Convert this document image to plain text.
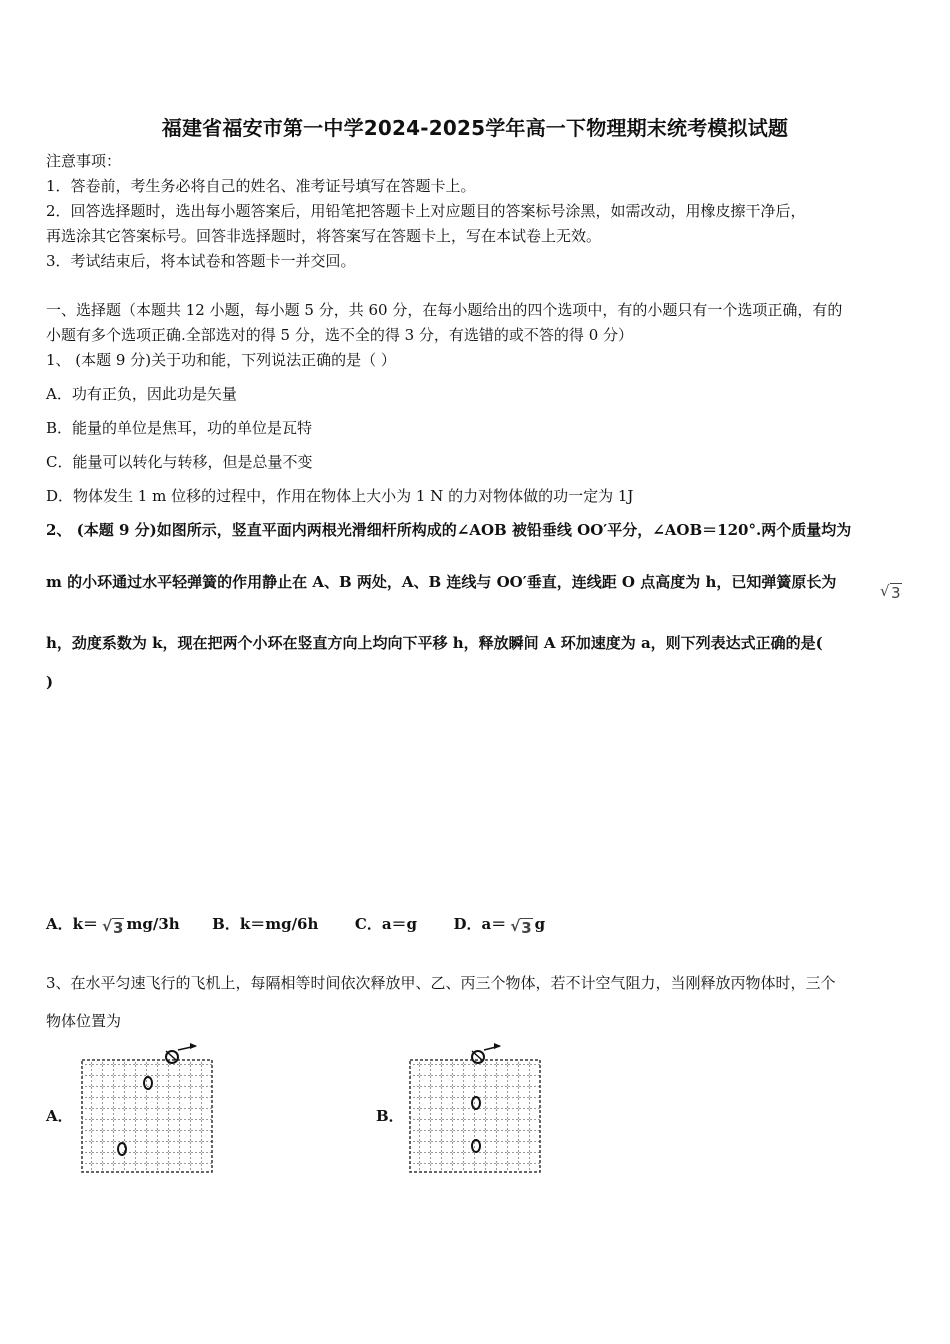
福建省福安市第一中学2024-2025学年高一下物理期末统考模拟试题
注意事项：
1．答卷前，考生务必将自己的姓名、准考证号填写在答题卡上。
2．回答选择题时，选出每小题答案后，用铅笔把答题卡上对应题目的答案标号涂黑，如需改动，用橡皮擦干净后，
再选涂其它答案标号。回答非选择题时，将答案写在答题卡上，写在本试卷上无效。
3．考试结束后，将本试卷和答题卡一并交回。
一、选择题（本题共 12 小题，每小题 5 分，共 60 分，在每小题给出的四个选项中，有的小题只有一个选项正确，有的
小题有多个选项正确.全部选对的得 5 分，选不全的得 3 分，有选错的或不答的得 0 分）
1、 (本题 9 分)关于功和能，下列说法正确的是（ ）
A．功有正负，因此功是矢量
B．能量的单位是焦耳，功的单位是瓦特
C．能量可以转化与转移，但是总量不变
D．物体发生 1 m 位移的过程中，作用在物体上大小为 1 N 的力对物体做的功一定为 1J
2、 (本题 9 分)如图所示，竖直平面内两根光滑细杆所构成的∠AOB 被铅垂线 OO′平分，∠AOB＝120°.两个质量均为
m 的小环通过水平轻弹簧的作用静止在 A、B 两处，A、B 连线与 OO′垂直，连线距 O 点高度为 h，已知弹簧原长为	√ 3
h，劲度系数为 k，现在把两个小环在竖直方向上均向下平移 h，释放瞬间 A 环加速度为 a，则下列表达式正确的是(
)
A．k＝ √ 3 mg/3h B．k＝mg/6h C．a＝g D．a＝ √ 3 g
3、在水平匀速飞行的飞机上，每隔相等时间依次释放甲、乙、丙三个物体，若不计空气阻力，当刚释放丙物体时，三个
物体位置为
A．	B．
